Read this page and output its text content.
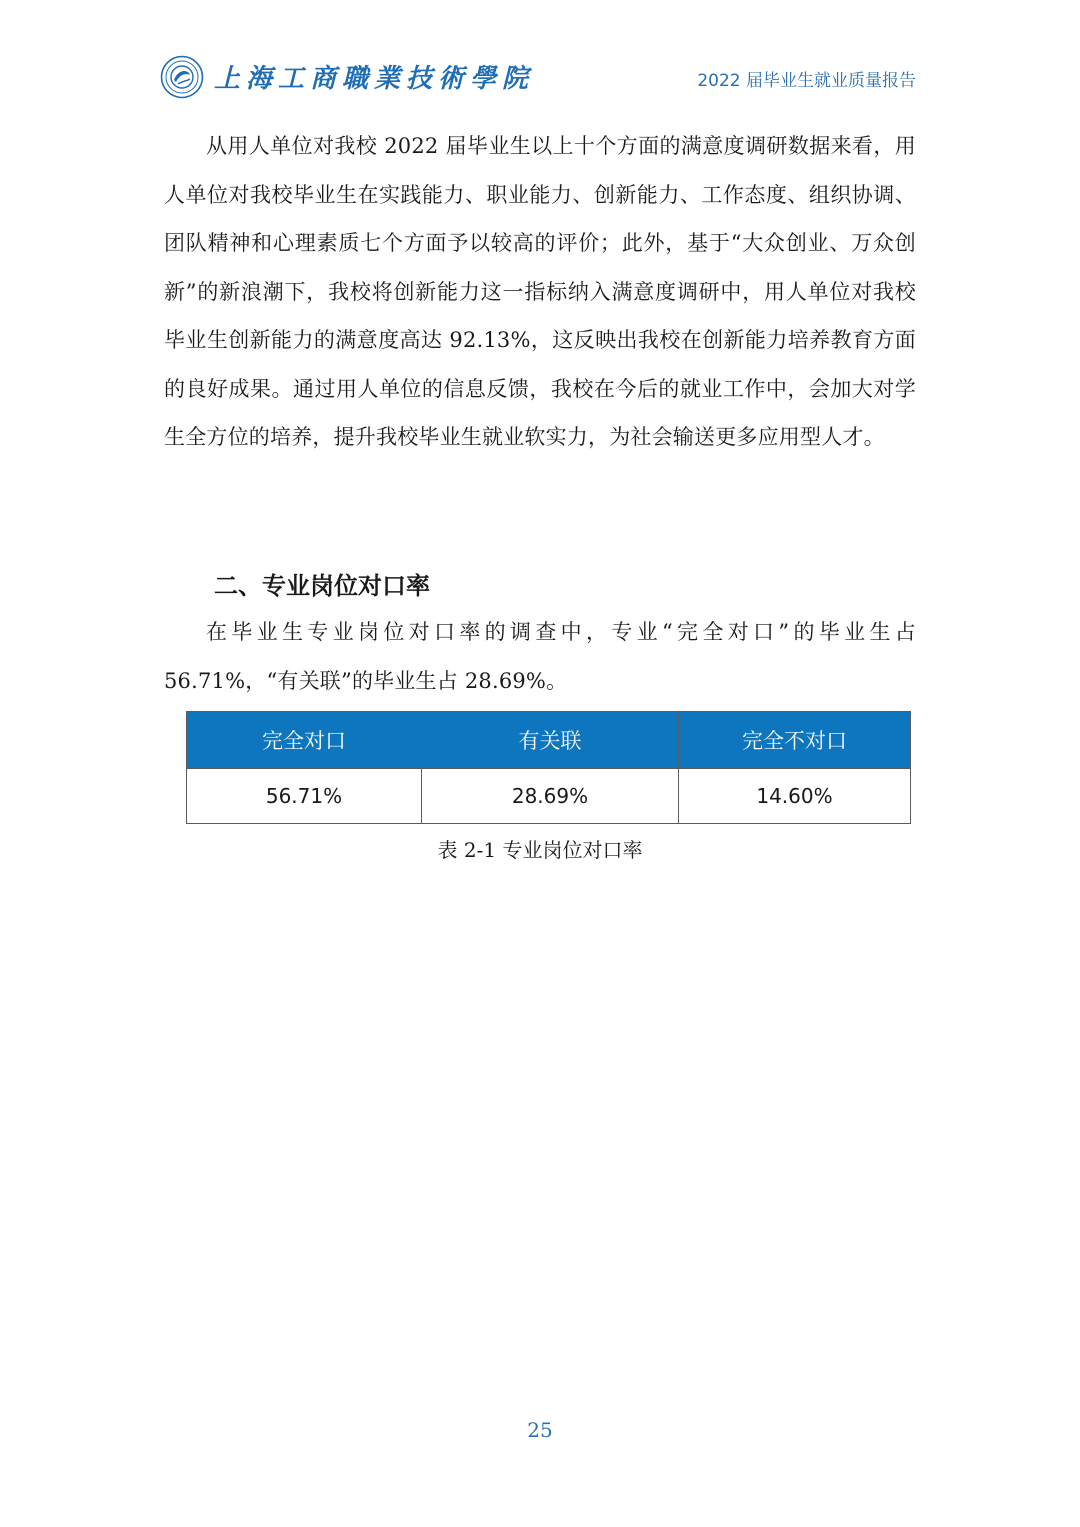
上海工商職業技術學院	2022 届毕业生就业质量报告

从用人单位对我校 2022 届毕业生以上十个方面的满意度调研数据来看，用人单位对我校毕业生在实践能力、职业能力、创新能力、工作态度、组织协调、团队精神和心理素质七个方面予以较高的评价；此外，基于“大众创业、万众创新”的新浪潮下，我校将创新能力这一指标纳入满意度调研中，用人单位对我校毕业生创新能力的满意度高达 92.13%，这反映出我校在创新能力培养教育方面的良好成果。通过用人单位的信息反馈，我校在今后的就业工作中，会加大对学生全方位的培养，提升我校毕业生就业软实力，为社会输送更多应用型人才。

二、专业岗位对口率

在毕业生专业岗位对口率的调查中，专业“完全对口”的毕业生占 56.71%，“有关联”的毕业生占 28.69%。

完全对口	有关联	完全不对口
56.71%	28.69%	14.60%
表 2-1 专业岗位对口率
25
